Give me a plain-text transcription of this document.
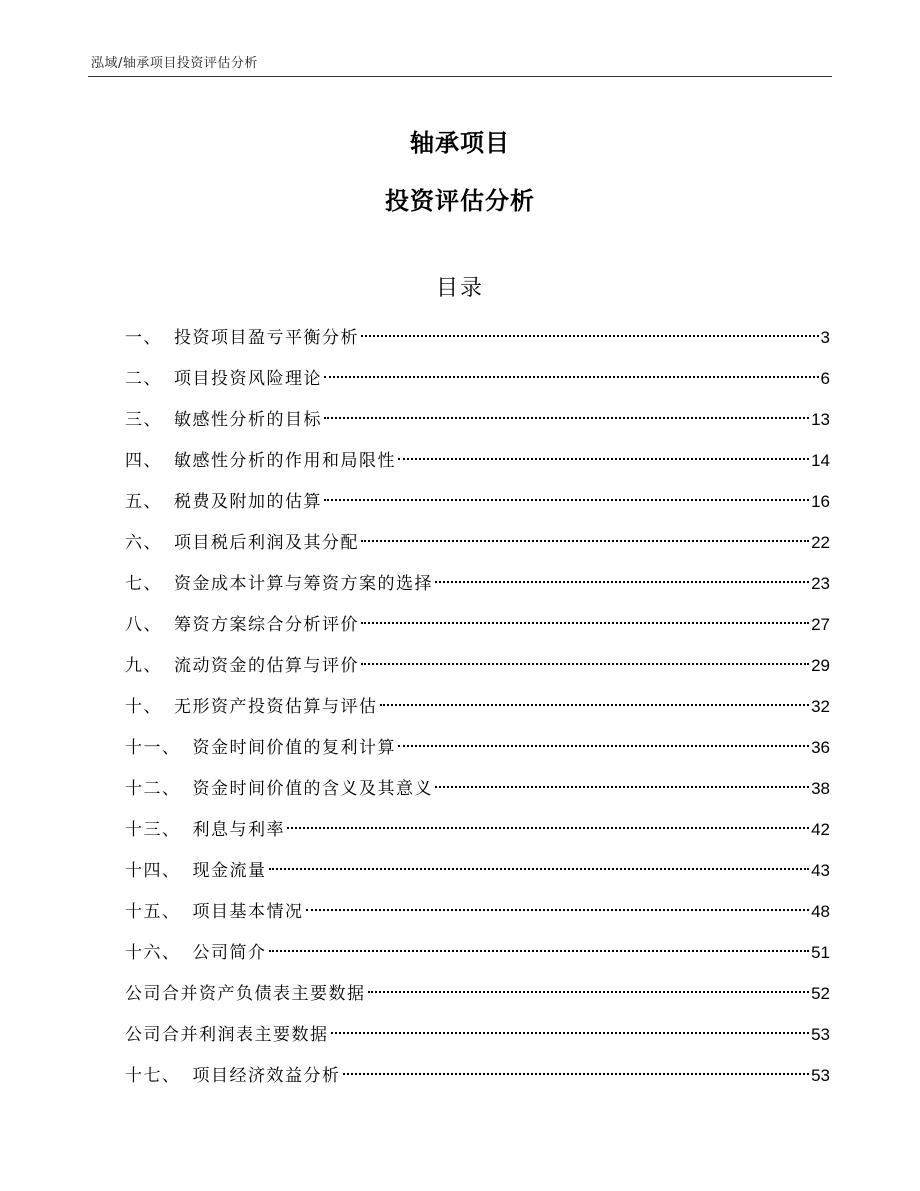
泓域/轴承项目投资评估分析
轴承项目
投资评估分析
目录
一、 投资项目盈亏平衡分析	3
二、 项目投资风险理论	6
三、 敏感性分析的目标	13
四、 敏感性分析的作用和局限性	14
五、 税费及附加的估算	16
六、 项目税后利润及其分配	22
七、 资金成本计算与筹资方案的选择	23
八、 筹资方案综合分析评价	27
九、 流动资金的估算与评价	29
十、 无形资产投资估算与评估	32
十一、 资金时间价值的复利计算	36
十二、 资金时间价值的含义及其意义	38
十三、 利息与利率	42
十四、 现金流量	43
十五、 项目基本情况	48
十六、 公司简介	51
公司合并资产负债表主要数据	52
公司合并利润表主要数据	53
十七、 项目经济效益分析	53
